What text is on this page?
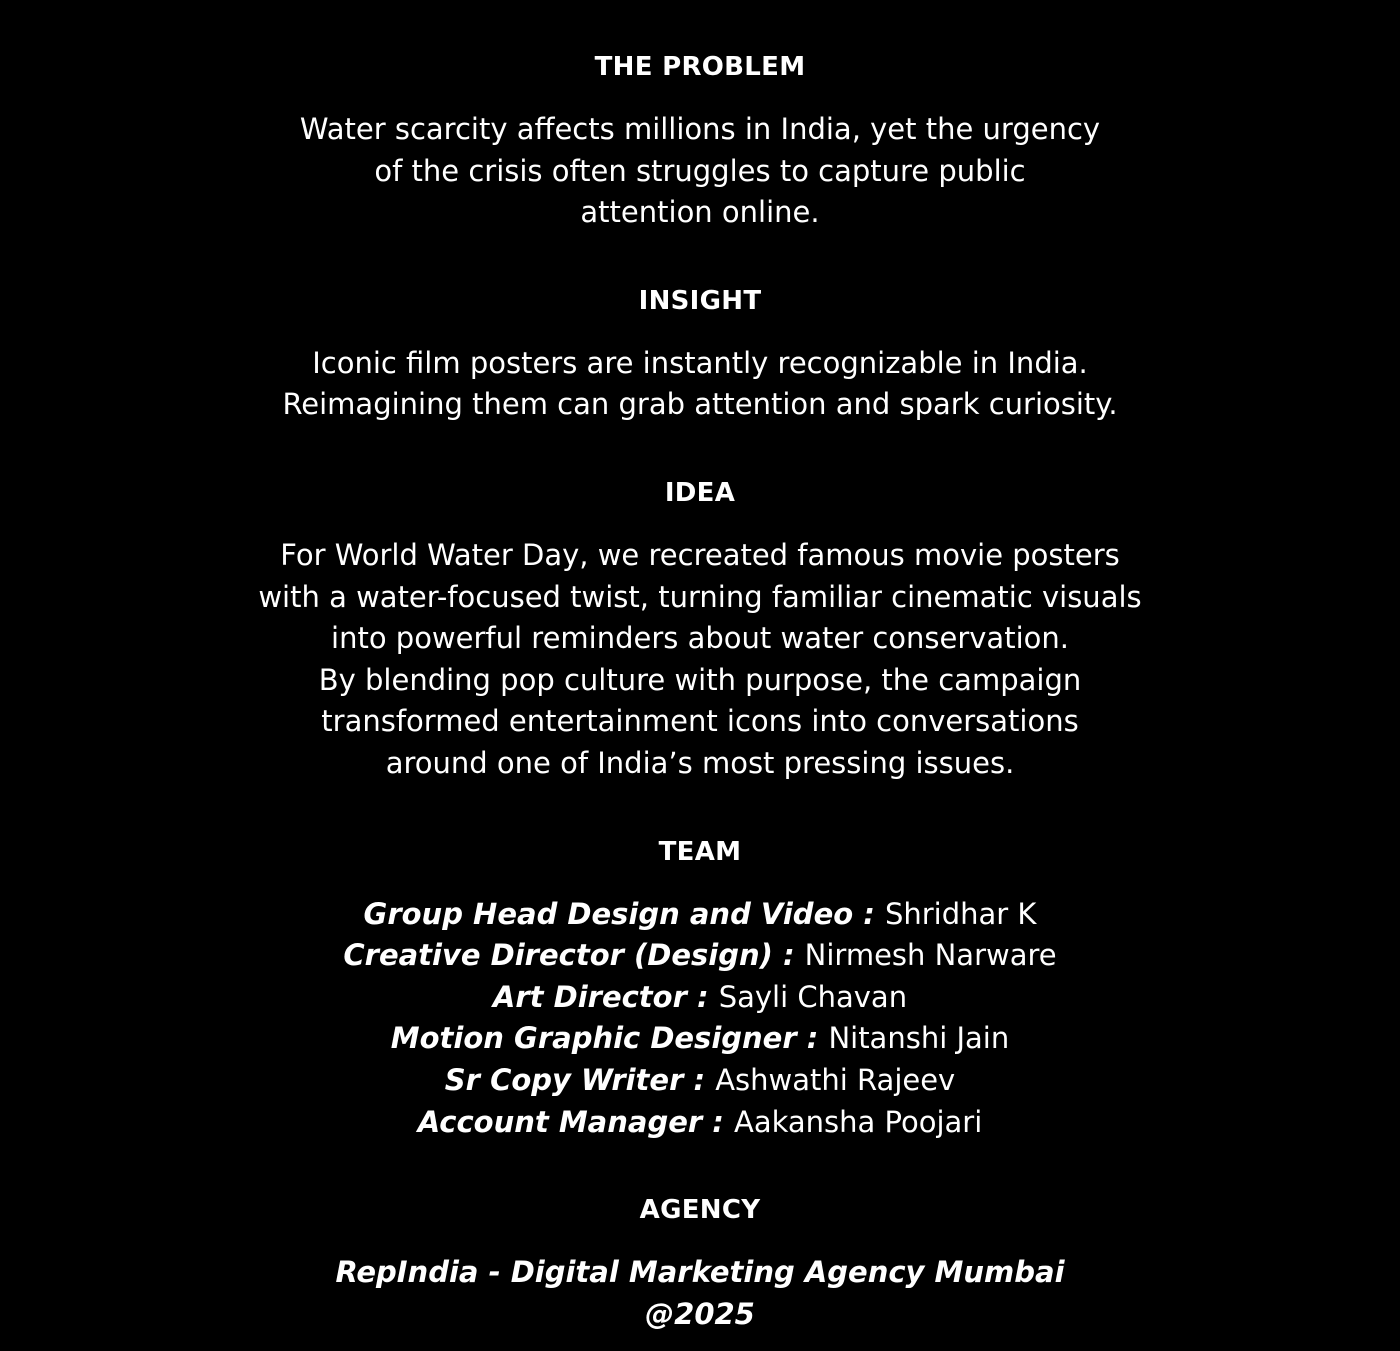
THE PROBLEM
Water scarcity affects millions in India, yet the urgency
of the crisis often struggles to capture public
attention online.
INSIGHT
Iconic film posters are instantly recognizable in India.
Reimagining them can grab attention and spark curiosity.
IDEA
For World Water Day, we recreated famous movie posters
with a water-focused twist, turning familiar cinematic visuals
into powerful reminders about water conservation.
By blending pop culture with purpose, the campaign
transformed entertainment icons into conversations
around one of India’s most pressing issues.
TEAM
Group Head Design and Video : Shridhar K
Creative Director (Design) : Nirmesh Narware
Art Director : Sayli Chavan
Motion Graphic Designer : Nitanshi Jain
Sr Copy Writer : Ashwathi Rajeev
Account Manager : Aakansha Poojari
AGENCY
RepIndia - Digital Marketing Agency Mumbai
@2025
